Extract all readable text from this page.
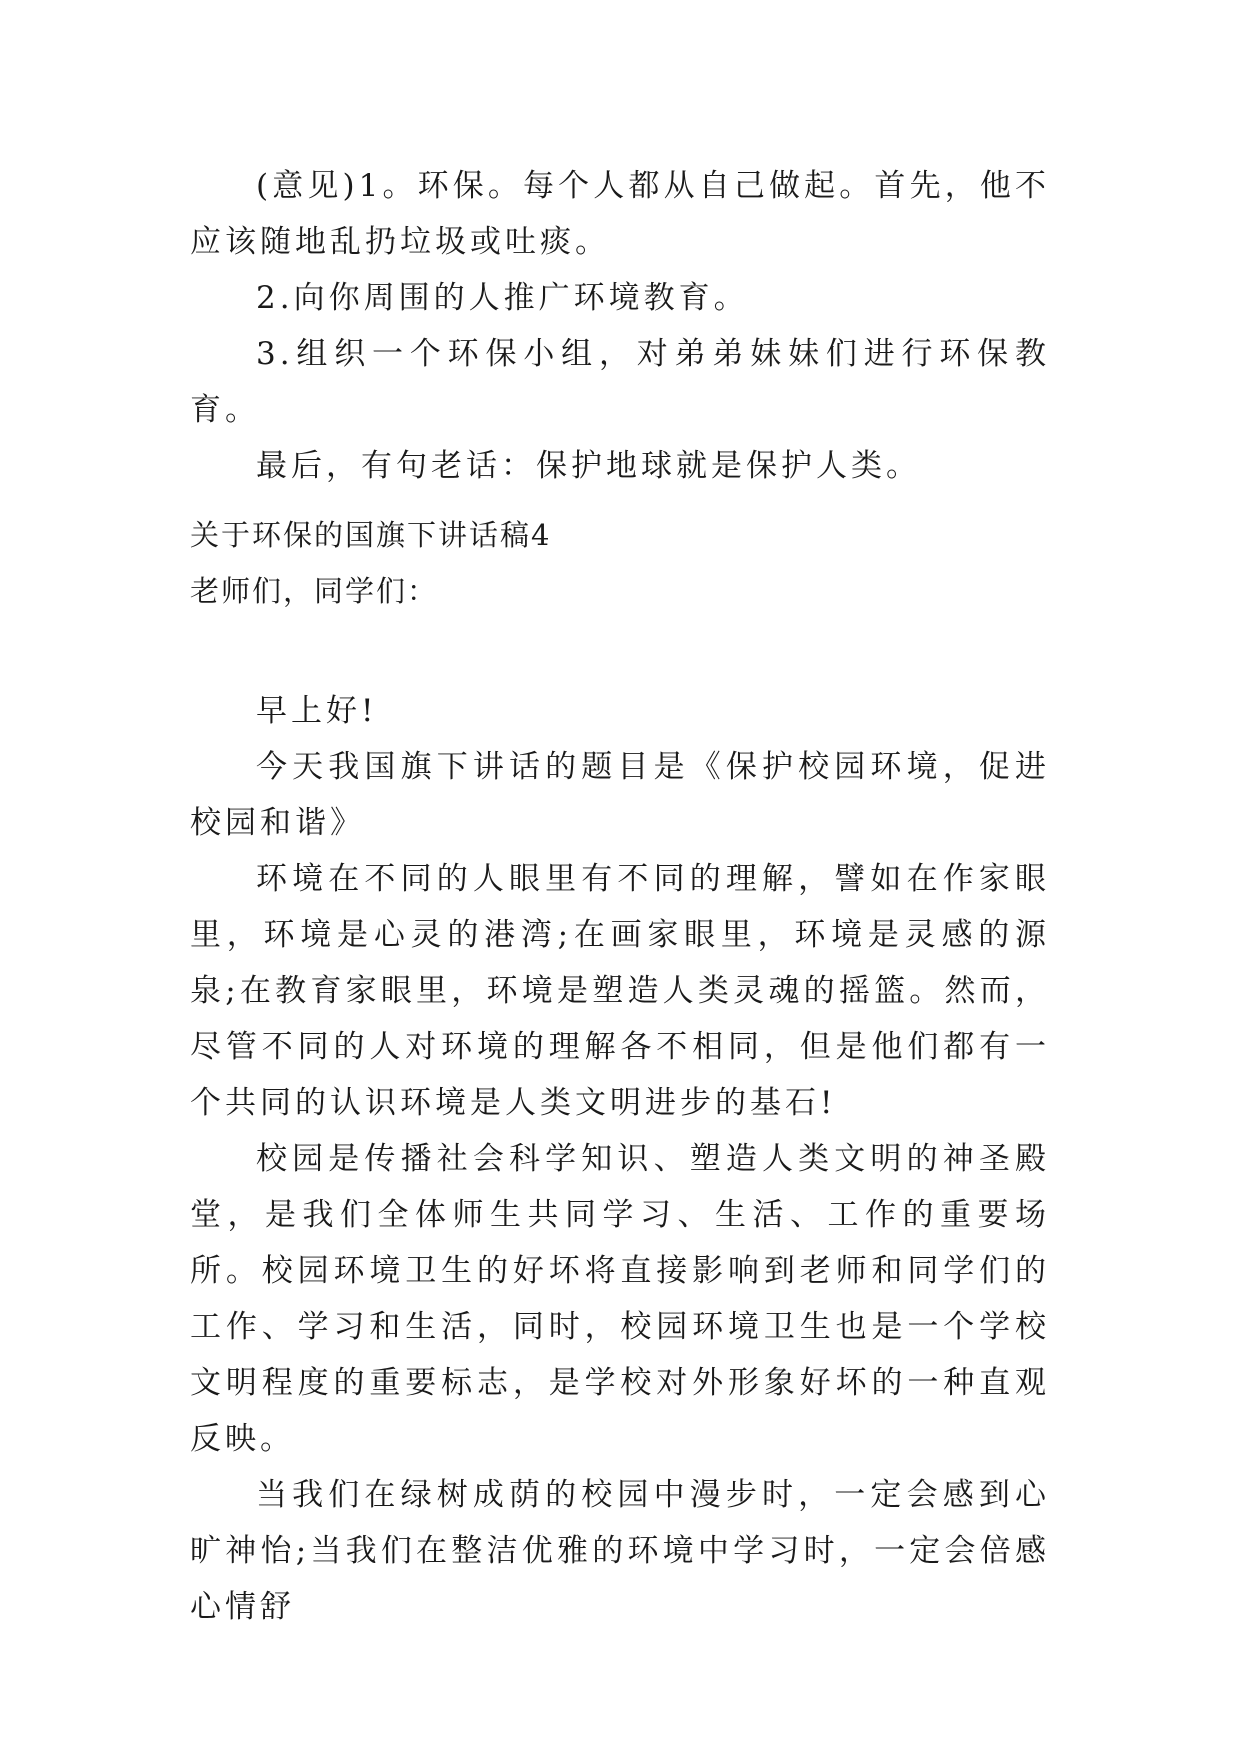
(意见)1。环保。每个人都从自己做起。首先，他不应该随地乱扔垃圾或吐痰。

2.向你周围的人推广环境教育。

3.组织一个环保小组，对弟弟妹妹们进行环保教育。

最后，有句老话：保护地球就是保护人类。

关于环保的国旗下讲话稿4

老师们，同学们：

早上好!

今天我国旗下讲话的题目是《保护校园环境，促进校园和谐》

环境在不同的人眼里有不同的理解，譬如在作家眼里，环境是心灵的港湾;在画家眼里，环境是灵感的源泉;在教育家眼里，环境是塑造人类灵魂的摇篮。然而，尽管不同的人对环境的理解各不相同，但是他们都有一个共同的认识环境是人类文明进步的基石!

校园是传播社会科学知识、塑造人类文明的神圣殿堂，是我们全体师生共同学习、生活、工作的重要场所。校园环境卫生的好坏将直接影响到老师和同学们的工作、学习和生活，同时，校园环境卫生也是一个学校文明程度的重要标志，是学校对外形象好坏的一种直观反映。

当我们在绿树成荫的校园中漫步时，一定会感到心旷神怡;当我们在整洁优雅的环境中学习时，一定会倍感心情舒
